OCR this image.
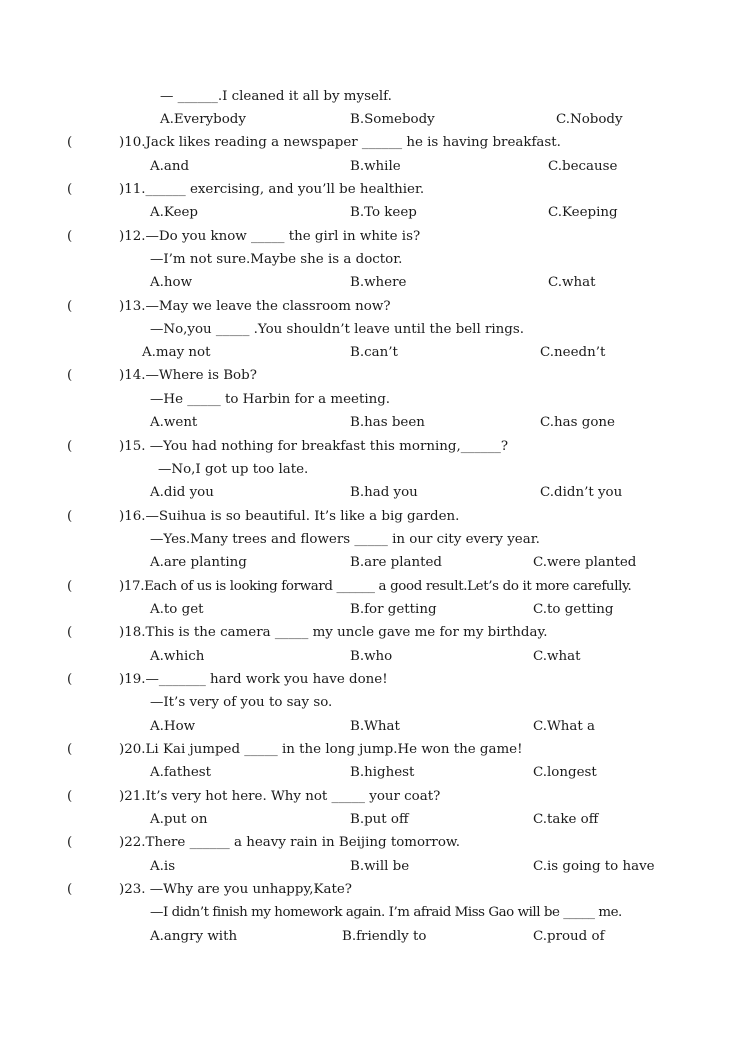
— ______.I cleaned it all by myself.
A.Everybody	B.Somebody	C.Nobody
(	)10.Jack likes reading a newspaper ______ he is having breakfast.
A.and	B.while	C.because
(	)11.______ exercising, and you’ll be healthier.
A.Keep	B.To keep	C.Keeping
(	)12.—Do you know _____ the girl in white is?
—I’m not sure.Maybe she is a doctor.
A.how	B.where	C.what
(	)13.—May we leave the classroom now?
—No,you _____ .You shouldn’t leave until the bell rings.
A.may not	B.can’t	C.needn’t
(	)14.—Where is Bob?
—He _____ to Harbin for a meeting.
A.went	B.has been	C.has gone
(	)15. —You had nothing for breakfast this morning,______?
—No,I got up too late.
A.did you	B.had you	C.didn’t you
(	)16.—Suihua is so beautiful. It’s like a big garden.
—Yes.Many trees and flowers _____ in our city every year.
A.are planting	B.are planted	C.were planted
(	)17.Each of us is looking forward ______ a good result.Let’s do it more carefully.
A.to get	B.for getting	C.to getting
(	)18.This is the camera _____ my uncle gave me for my birthday.
A.which	B.who	C.what
(	)19.—_______ hard work you have done!
—It’s very of you to say so.
A.How	B.What	C.What a
(	)20.Li Kai jumped _____ in the long jump.He won the game!
A.fathest	B.highest	C.longest
(	)21.It’s very hot here. Why not _____ your coat?
A.put on	B.put off	C.take off
(	)22.There ______ a heavy rain in Beijing tomorrow.
A.is	B.will be	C.is going to have
(	)23. —Why are you unhappy,Kate?
—I didn’t finish my homework again. I’m afraid Miss Gao will be _____ me.
A.angry with	B.friendly to	C.proud of
